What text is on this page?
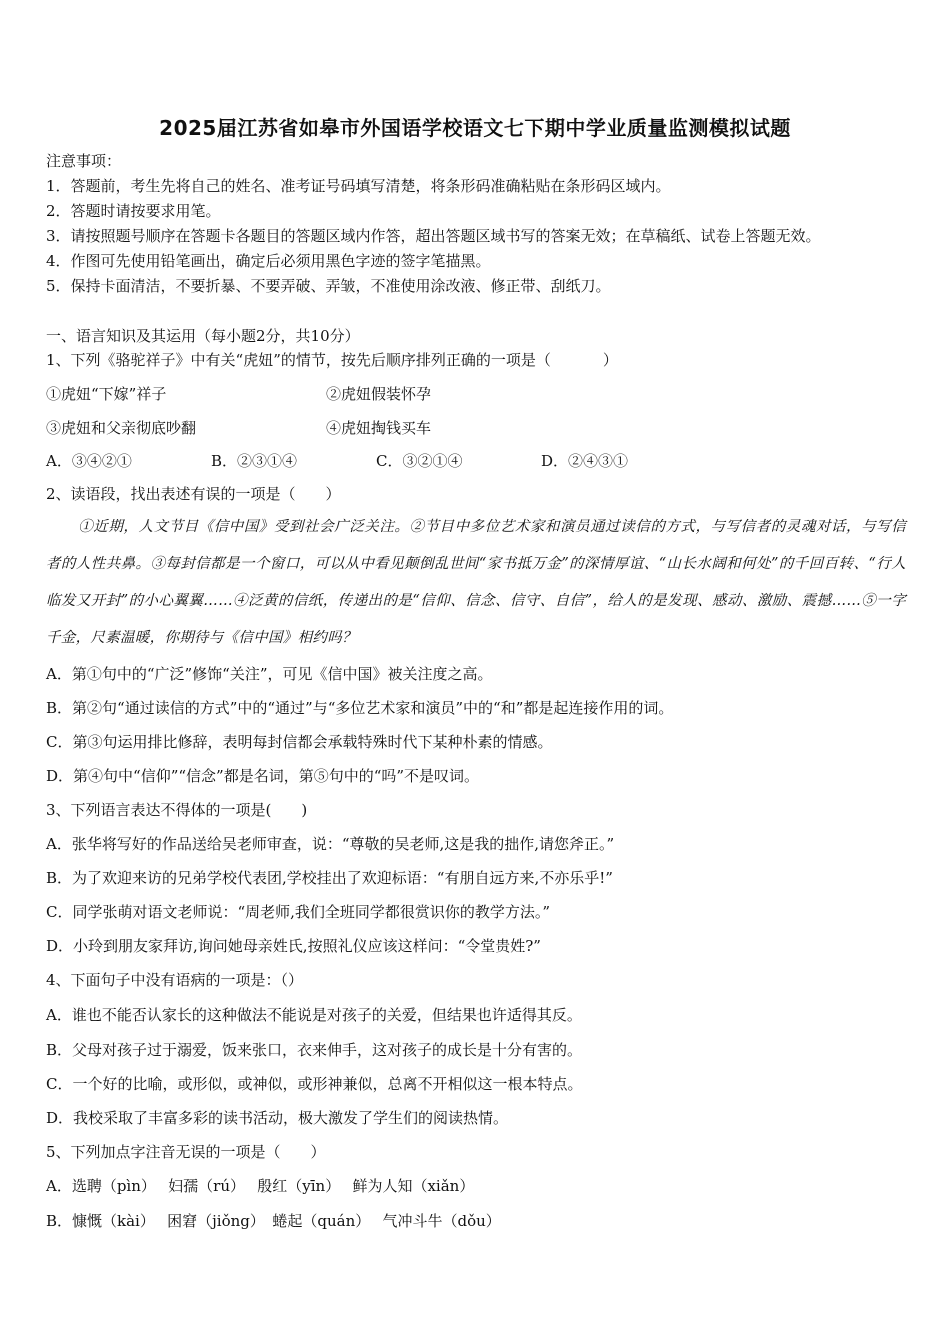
2025届江苏省如皋市外国语学校语文七下期中学业质量监测模拟试题
注意事项：
1．答题前，考生先将自己的姓名、准考证号码填写清楚，将条形码准确粘贴在条形码区域内。
2．答题时请按要求用笔。
3．请按照题号顺序在答题卡各题目的答题区域内作答，超出答题区域书写的答案无效；在草稿纸、试卷上答题无效。
4．作图可先使用铅笔画出，确定后必须用黑色字迹的签字笔描黑。
5．保持卡面清洁，不要折暴、不要弄破、弄皱，不准使用涂改液、修正带、刮纸刀。
一、语言知识及其运用（每小题2分，共10分）
1、下列《骆驼祥子》中有关“虎妞”的情节，按先后顺序排列正确的一项是（	）
①虎妞“下嫁”祥子	②虎妞假装怀孕
③虎妞和父亲彻底吵翻	④虎妞掏钱买车
A．③④②①	B．②③①④	C．③②①④	D．②④③①
2、读语段，找出表述有误的一项是（　　）
①近期，人文节目《信中国》受到社会广泛关注。②节目中多位艺术家和演员通过读信的方式，与写信者的灵魂对话，与写信者的人性共鼻。③每封信都是一个窗口，可以从中看见颠倒乱世间“家书抵万金”的深情厚谊、“山长水阔和何处”的千回百转、“行人临发又开封”的小心翼翼……④泛黄的信纸，传递出的是“信仰、信念、信守、自信”，给人的是发现、感动、激励、震撼……⑤一字千金，尺素温暖，你期待与《信中国》相约吗？
A．第①句中的“广泛”修饰“关注”，可见《信中国》被关注度之高。
B．第②句“通过读信的方式”中的“通过”与“多位艺术家和演员”中的“和”都是起连接作用的词。
C．第③句运用排比修辞，表明每封信都会承载特殊时代下某种朴素的情感。
D．第④句中“信仰”“信念”都是名词，第⑤句中的“吗”不是叹词。
3、下列语言表达不得体的一项是(　　)
A．张华将写好的作品送给吴老师审查，说：“尊敬的吴老师,这是我的拙作,请您斧正。”
B．为了欢迎来访的兄弟学校代表团,学校挂出了欢迎标语：“有朋自远方来,不亦乐乎!”
C．同学张萌对语文老师说：“周老师,我们全班同学都很赏识你的教学方法。”
D．小玲到朋友家拜访,询问她母亲姓氏,按照礼仪应该这样问：“令堂贵姓?”
4、下面句子中没有语病的一项是：（）
A．谁也不能否认家长的这种做法不能说是对孩子的关爱，但结果也许适得其反。
B．父母对孩子过于溺爱，饭来张口，衣来伸手，这对孩子的成长是十分有害的。
C．一个好的比喻，或形似，或神似，或形神兼似，总离不开相似这一根本特点。
D．我校采取了丰富多彩的读书活动，极大激发了学生们的阅读热情。
5、下列加点字注音无误的一项是（　　）
A．选聘（pìn）　 妇孺（rú）　 殷红（yīn）　 鲜为人知（xiǎn）
B．慷慨（kài）　 困窘（jiǒng）　蜷起（quán）　 气冲斗牛（dǒu）
